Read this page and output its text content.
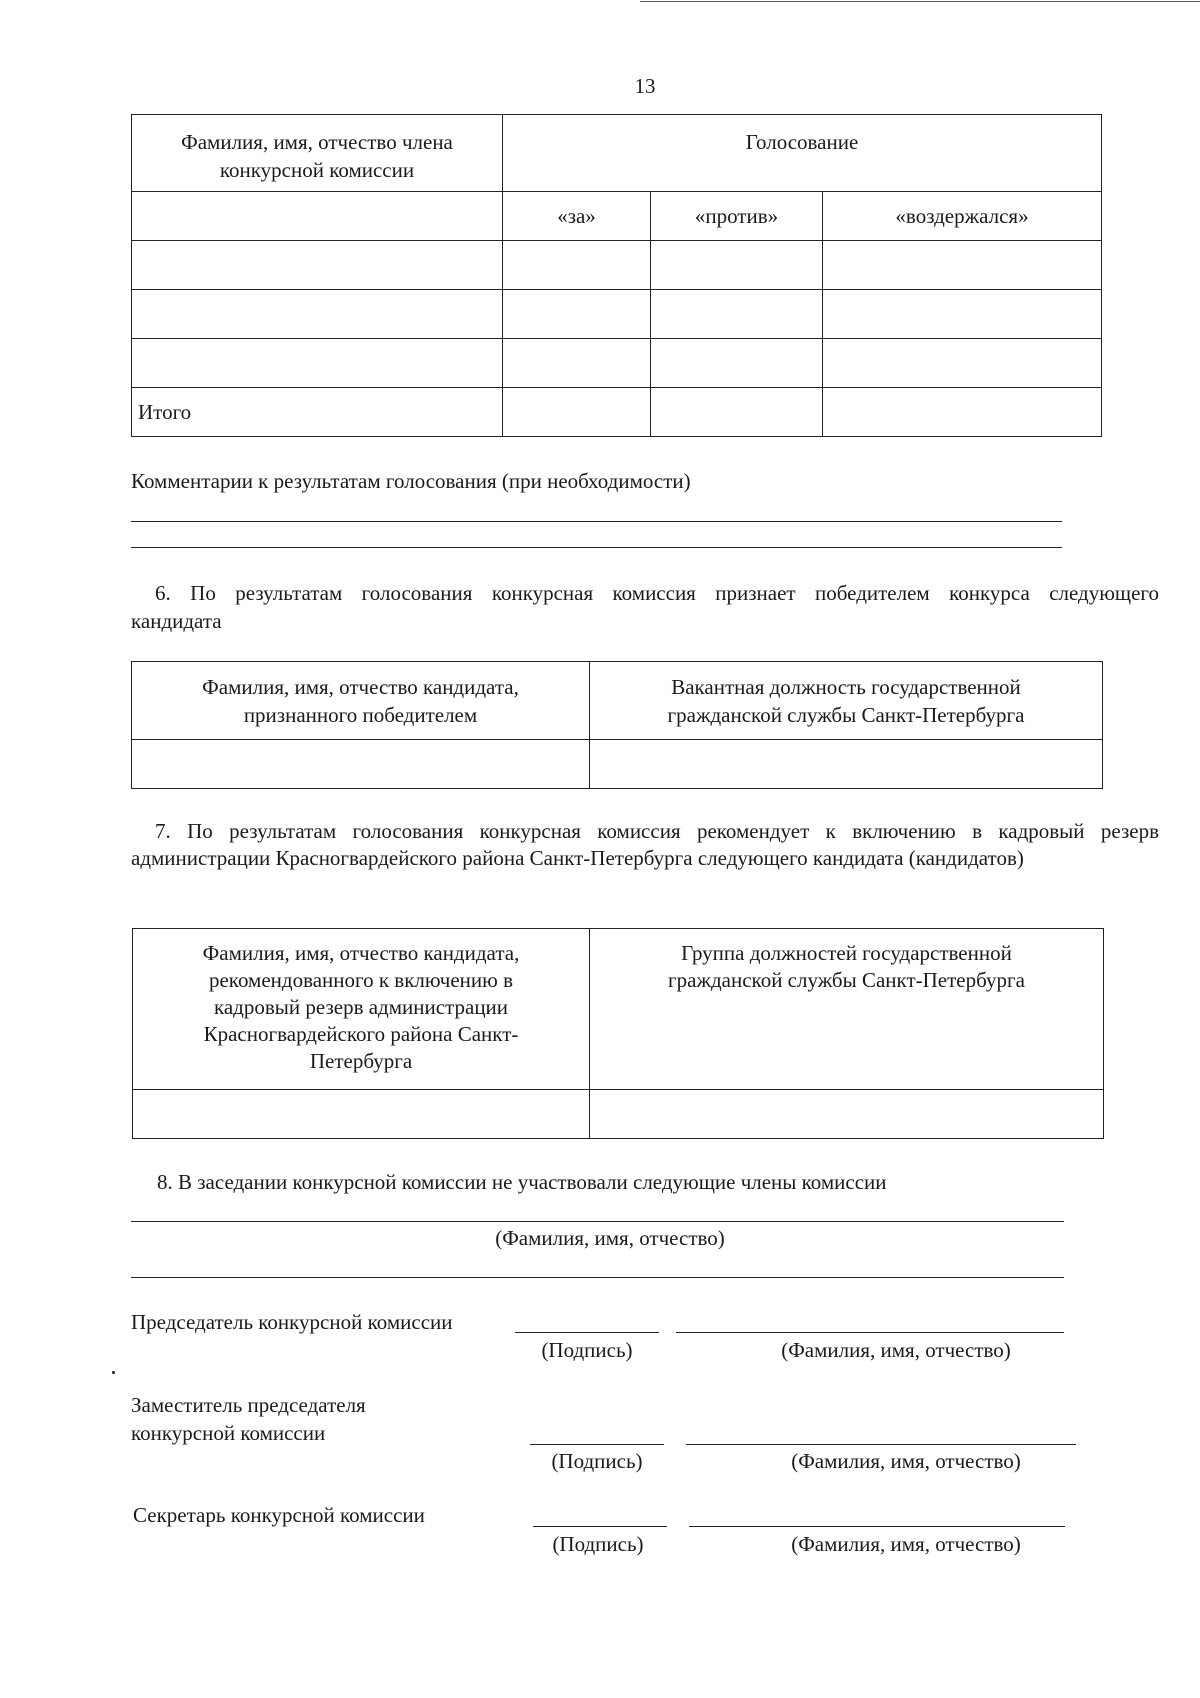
13
Фамилия, имя, отчество члена конкурсной комиссии	Голосование		

	«за»	«против»	«воздержался»

Итого			
Комментарии к результатам голосования (при необходимости)
6. По результатам голосования конкурсная комиссия признает победителем конкурса следующего кандидата
Фамилия, имя, отчество кандидата, признанного победителем	Вакантная должность государственной гражданской службы Санкт-Петербурга

7. По результатам голосования конкурсная комиссия рекомендует к включению в кадровый резерв администрации Красногвардейского района Санкт-Петербурга следующего кандидата (кандидатов)
Фамилия, имя, отчество кандидата, рекомендованного к включению в кадровый резерв администрации Красногвардейского района Санкт-Петербурга	Группа должностей государственной гражданской службы Санкт-Петербурга

8. В заседании конкурсной комиссии не участвовали следующие члены комиссии
(Фамилия, имя, отчество)
Председатель конкурсной комиссии
(Подпись)	(Фамилия, имя, отчество)
Заместитель председателя
конкурсной комиссии
(Подпись)	(Фамилия, имя, отчество)
Секретарь конкурсной комиссии
(Подпись)	(Фамилия, имя, отчество)
